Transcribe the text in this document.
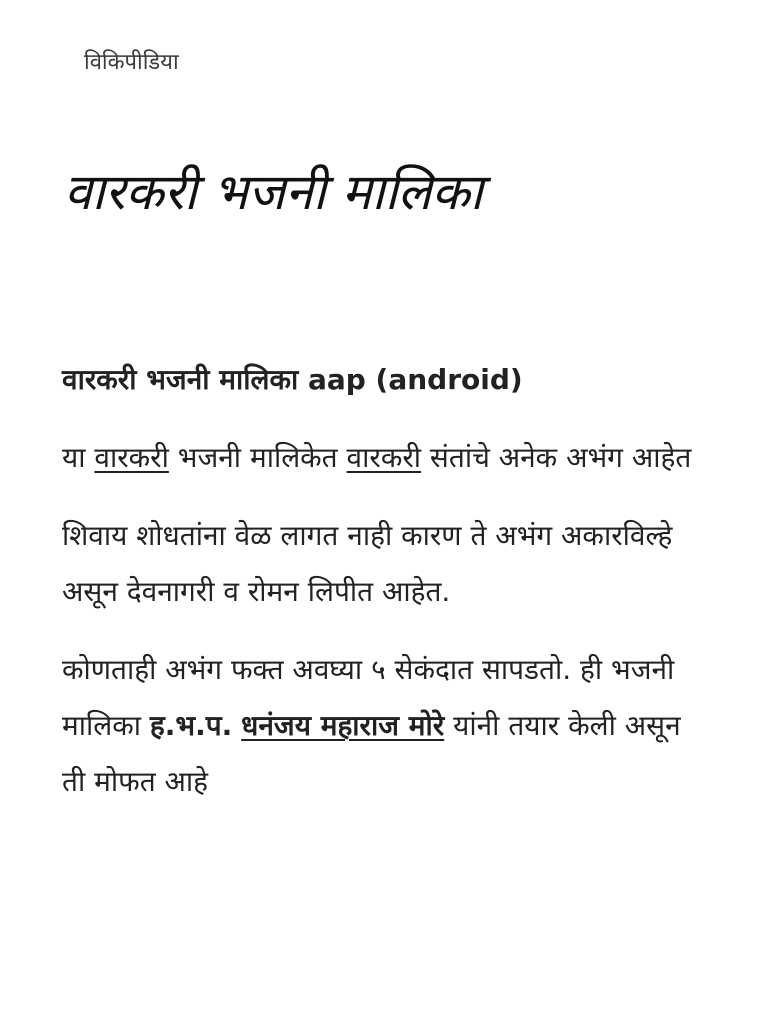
विकिपीडिया
वारकरी भजनी मालिका

वारकरी भजनी मालिका aap (android)

या वारकरी भजनी मालिकेत वारकरी संतांचे अनेक अभंग आहेत

शिवाय शोधतांना वेळ लागत नाही कारण ते अभंग अकारविल्हे असून देवनागरी व रोमन लिपीत आहेत.

कोणताही अभंग फक्त अवघ्या ५ सेकंदात सापडतो. ही भजनी मालिका ह.भ.प. धनंजय महाराज मोरे यांनी तयार केली असून ती मोफत आहे
